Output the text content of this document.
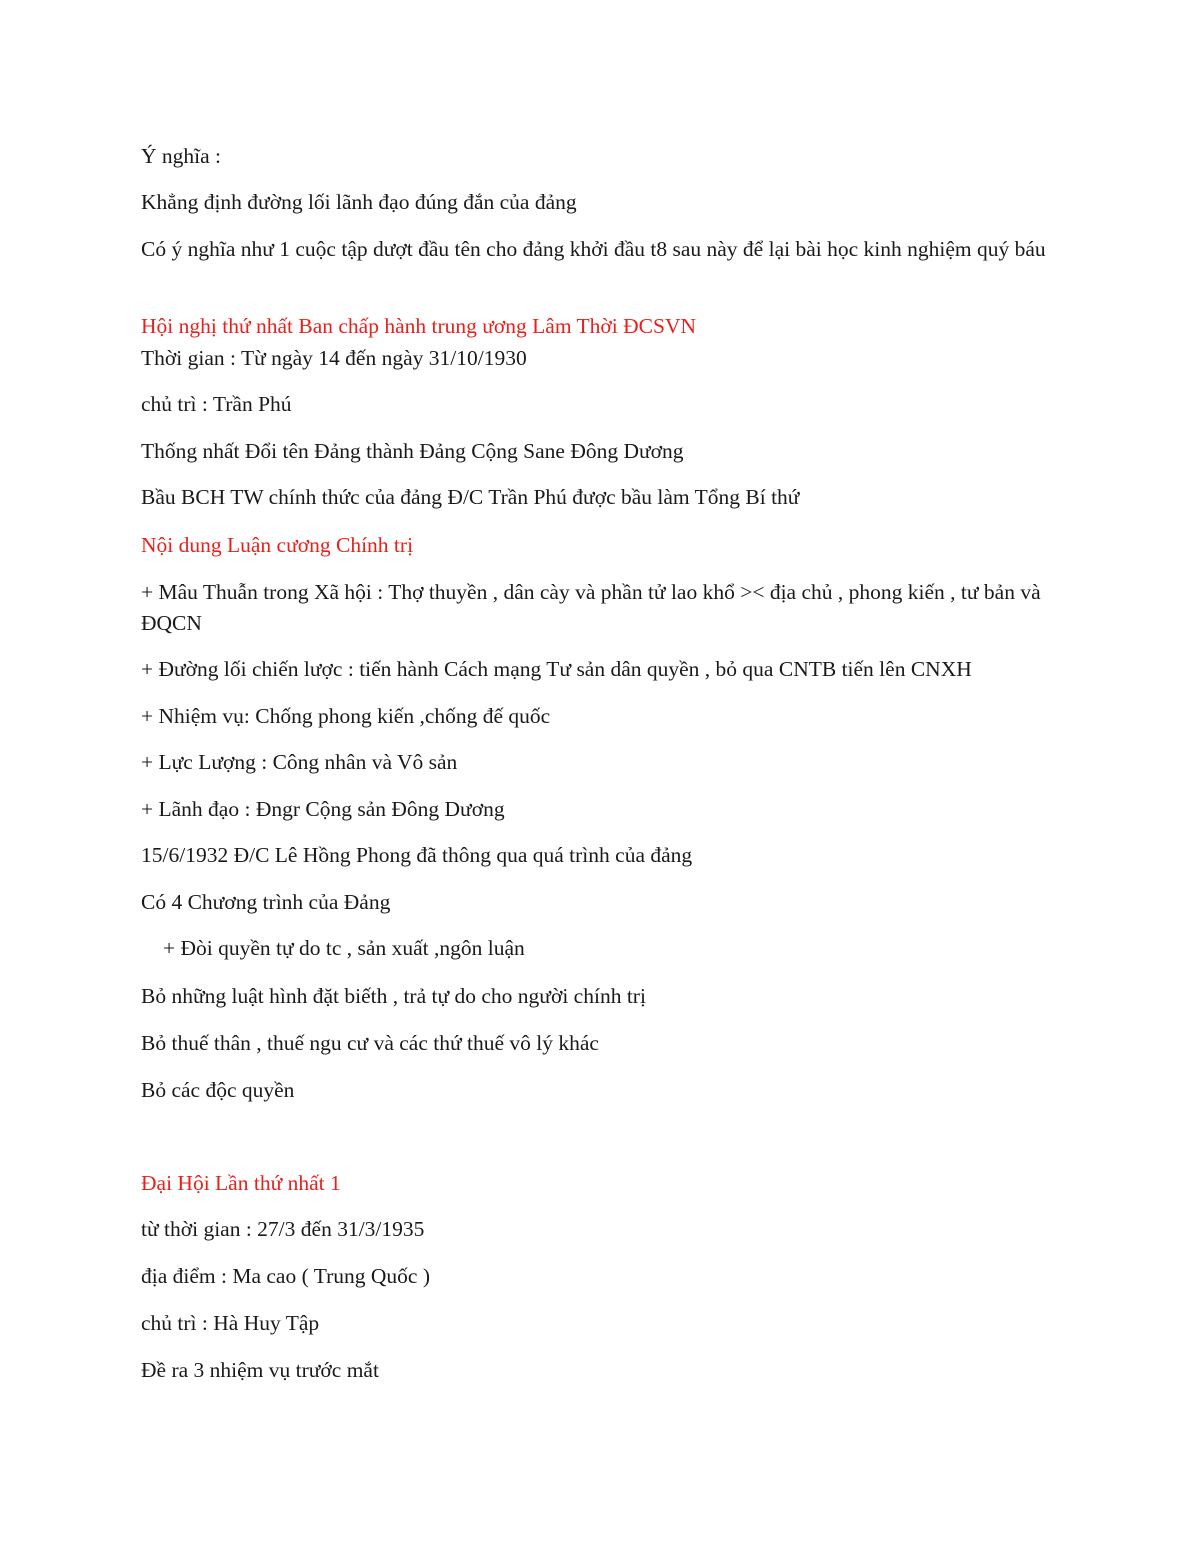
Ý nghĩa :
Khẳng định đường lối lãnh đạo đúng đắn của đảng
Có ý nghĩa như 1 cuộc tập dượt đầu tên cho đảng khởi đầu t8 sau này để lại bài học kinh nghiệm quý báu
Hội nghị thứ nhất Ban chấp hành trung ương Lâm Thời ĐCSVN
Thời gian : Từ ngày 14 đến ngày 31/10/1930
chủ trì : Trần Phú
Thống nhất Đổi tên Đảng thành Đảng Cộng Sane Đông Dương
Bầu BCH TW chính thức của đảng Đ/C Trần Phú được bầu làm Tổng Bí thứ
Nội dung Luận cương Chính trị
+ Mâu Thuẫn trong Xã hội : Thợ thuyền , dân cày và phần tử lao khổ >< địa chủ , phong kiến , tư bản và ĐQCN
+ Đường lối chiến lược : tiến hành Cách mạng Tư sản dân quyền , bỏ qua CNTB tiến lên CNXH
+ Nhiệm vụ: Chống phong kiến ,chống đế quốc
+ Lực Lượng : Công nhân và Vô sản
+ Lãnh đạo : Đngr Cộng sản Đông Dương
15/6/1932 Đ/C Lê Hồng Phong đã thông qua quá trình của đảng
Có 4 Chương trình của Đảng
+ Đòi quyền tự do tc , sản xuất ,ngôn luận
Bỏ những luật hình đặt biếth , trả tự do cho người chính trị
Bỏ thuế thân , thuế ngu cư và các thứ thuế vô lý khác
Bỏ các độc quyền
Đại Hội Lần thứ nhất 1
từ thời gian : 27/3 đến 31/3/1935
địa điểm : Ma cao ( Trung Quốc )
chủ trì : Hà Huy Tập
Đề ra 3 nhiệm vụ trước mắt
